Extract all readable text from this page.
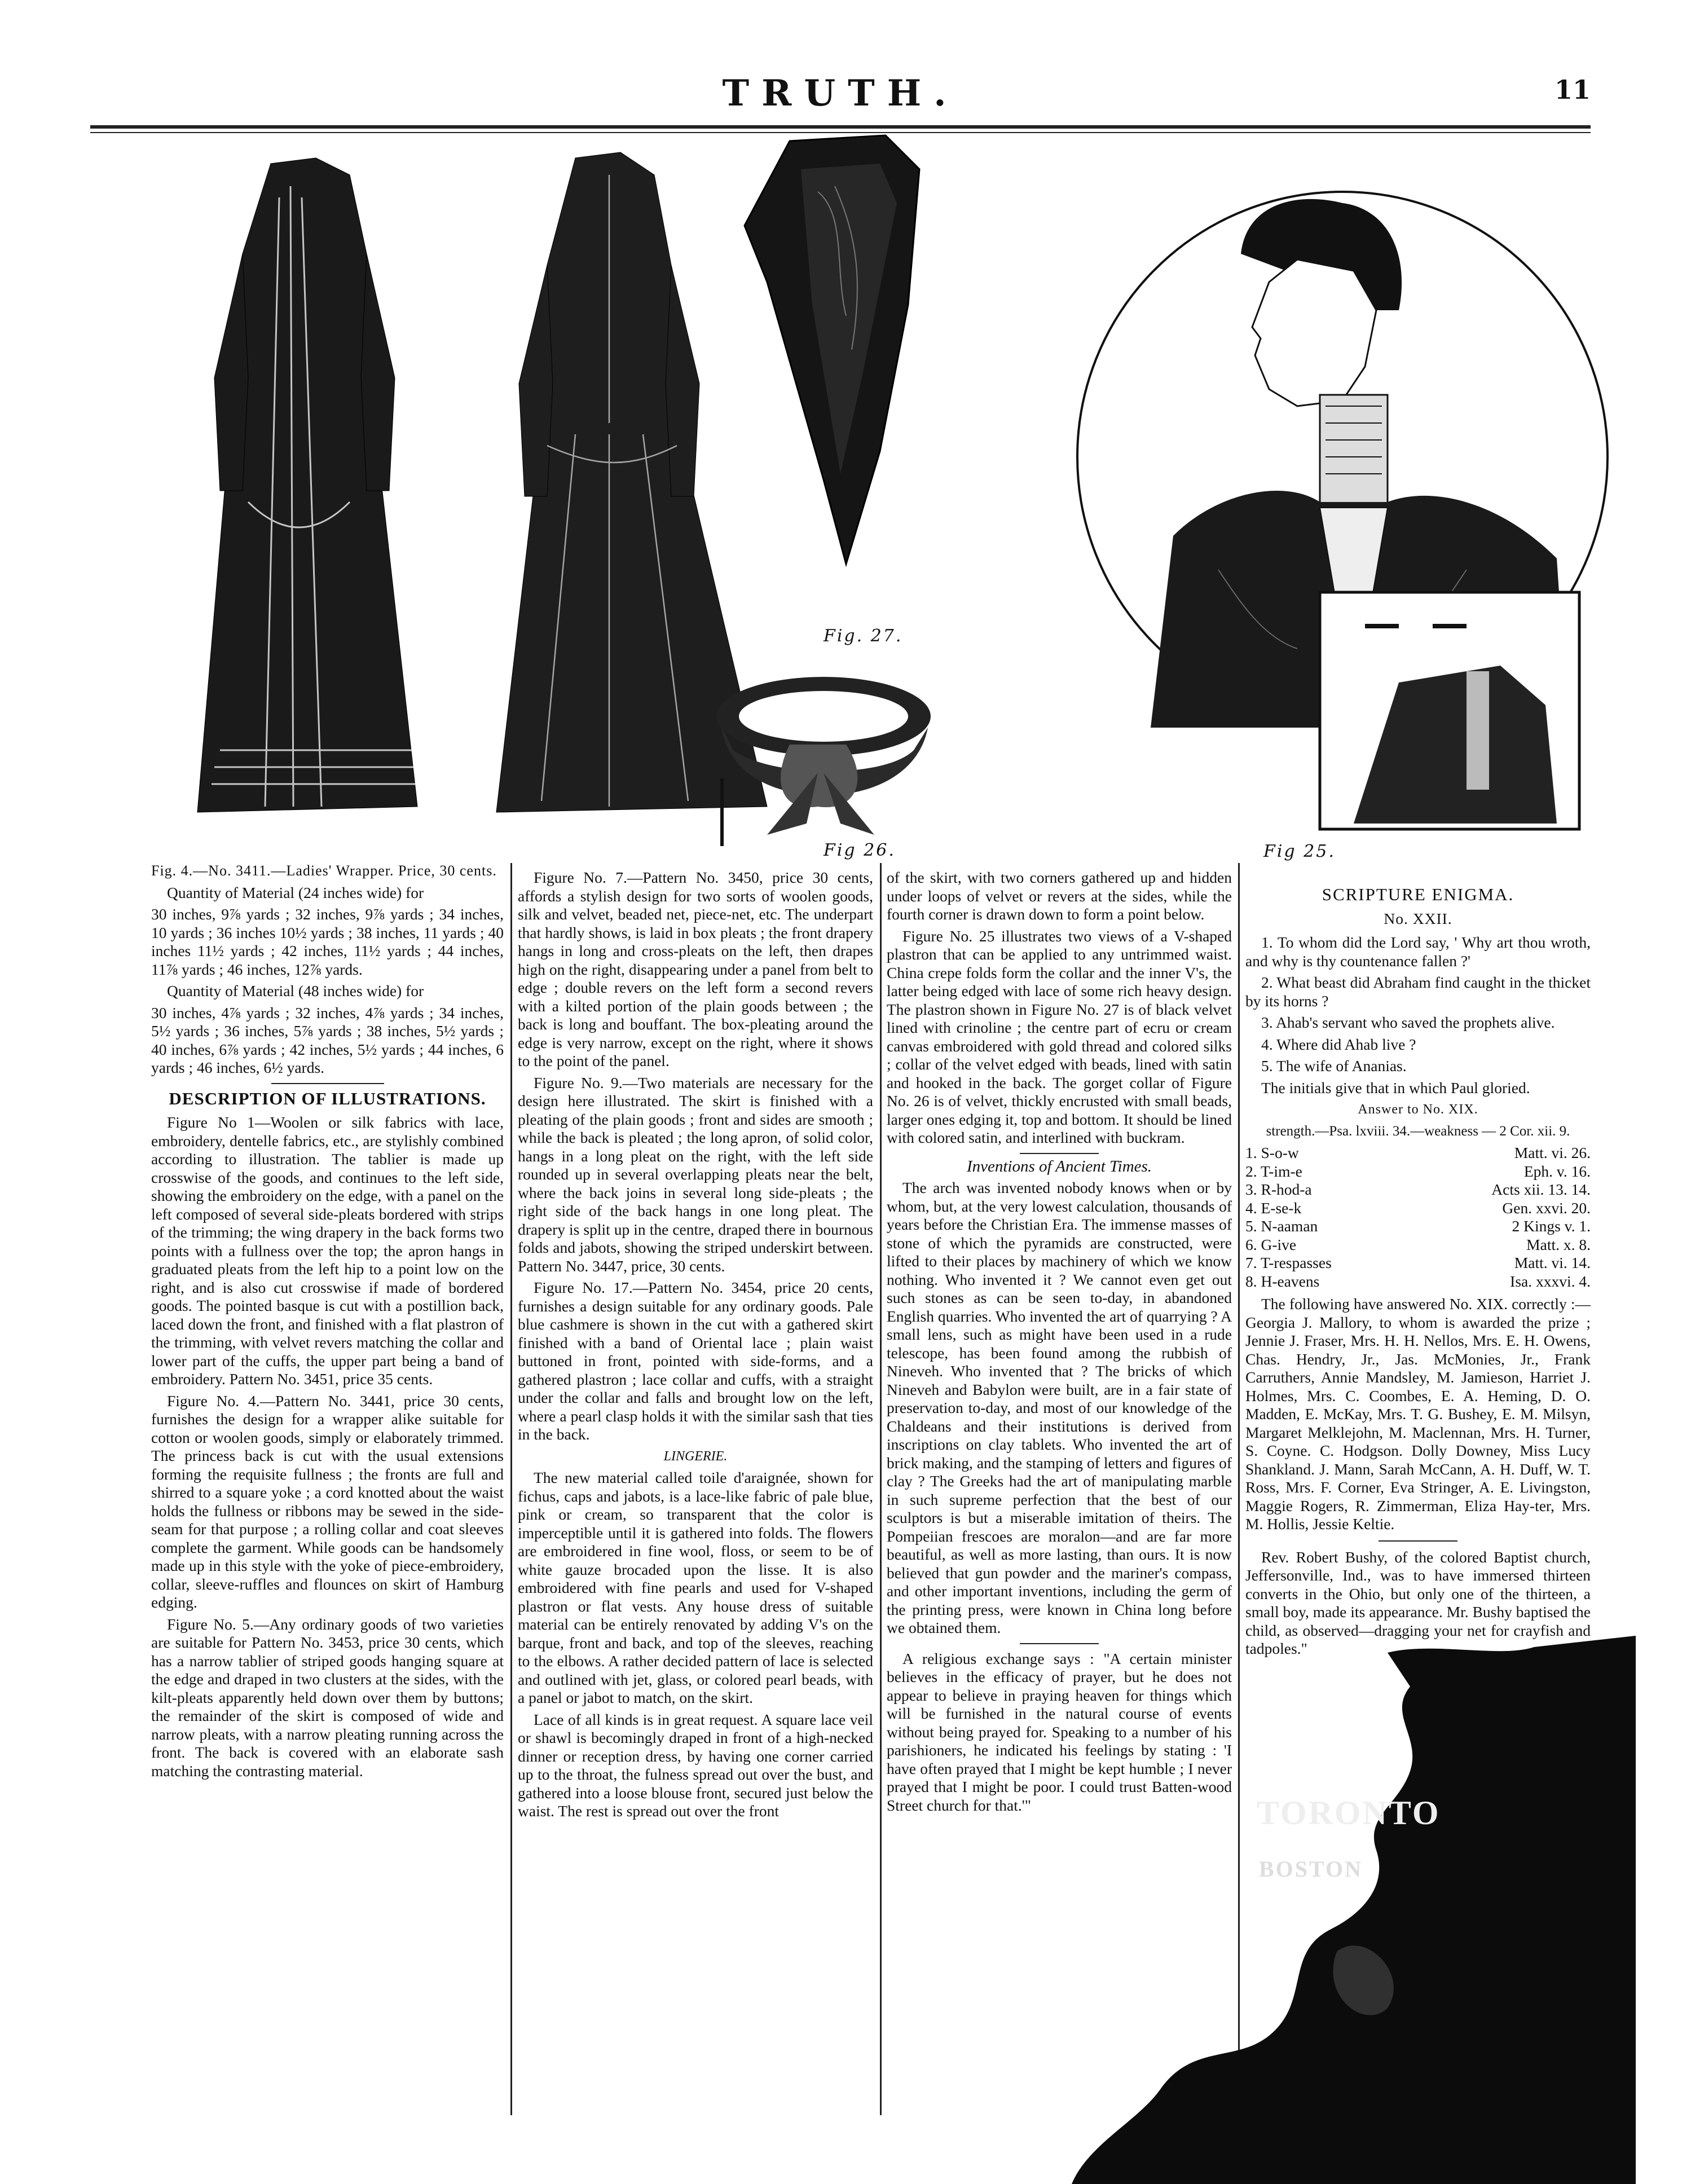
TRUTH.	11
Fig. 27.
Fig 26.	Fig 25.

Fig. 4.—No. 3411.—Ladies' Wrapper. Price, 30 cents.

Quantity of Material (24 inches wide) for

30 inches, 9⅞ yards ; 32 inches, 9⅞ yards ; 34 inches, 10 yards ; 36 inches 10½ yards ; 38 inches, 11 yards ; 40 inches 11½ yards ; 42 inches, 11½ yards ; 44 inches, 11⅞ yards ; 46 inches, 12⅞ yards.

Quantity of Material (48 inches wide) for

30 inches, 4⅞ yards ; 32 inches, 4⅞ yards ; 34 inches, 5½ yards ; 36 inches, 5⅞ yards ; 38 inches, 5½ yards ; 40 inches, 6⅞ yards ; 42 inches, 5½ yards ; 44 inches, 6 yards ; 46 inches, 6½ yards.

DESCRIPTION OF ILLUSTRATIONS.

Figure No 1—Woolen or silk fabrics with lace, embroidery, dentelle fabrics, etc., are stylishly combined according to illustration. The tablier is made up crosswise of the goods, and continues to the left side, showing the embroidery on the edge, with a panel on the left composed of several side-pleats bordered with strips of the trimming; the wing drapery in the back forms two points with a fullness over the top; the apron hangs in graduated pleats from the left hip to a point low on the right, and is also cut crosswise if made of bordered goods. The pointed basque is cut with a postillion back, laced down the front, and finished with a flat plastron of the trimming, with velvet revers matching the collar and lower part of the cuffs, the upper part being a band of embroidery. Pattern No. 3451, price 35 cents.

Figure No. 4.—Pattern No. 3441, price 30 cents, furnishes the design for a wrapper alike suitable for cotton or woolen goods, simply or elaborately trimmed. The princess back is cut with the usual extensions forming the requisite fullness ; the fronts are full and shirred to a square yoke ; a cord knotted about the waist holds the fullness or ribbons may be sewed in the side-seam for that purpose ; a rolling collar and coat sleeves complete the garment. While goods can be handsomely made up in this style with the yoke of piece-embroidery, collar, sleeve-ruffles and flounces on skirt of Hamburg edging.

Figure No. 5.—Any ordinary goods of two varieties are suitable for Pattern No. 3453, price 30 cents, which has a narrow tablier of striped goods hanging square at the edge and draped in two clusters at the sides, with the kilt-pleats apparently held down over them by buttons; the remainder of the skirt is composed of wide and narrow pleats, with a narrow pleating running across the front. The back is covered with an elaborate sash matching the contrasting material.

Figure No. 7.—Pattern No. 3450, price 30 cents, affords a stylish design for two sorts of woolen goods, silk and velvet, beaded net, piece-net, etc. The underpart that hardly shows, is laid in box pleats ; the front drapery hangs in long and cross-pleats on the left, then drapes high on the right, disappearing under a panel from belt to edge ; double revers on the left form a second revers with a kilted portion of the plain goods between ; the back is long and bouffant. The box-pleating around the edge is very narrow, except on the right, where it shows to the point of the panel.

Figure No. 9.—Two materials are necessary for the design here illustrated. The skirt is finished with a pleating of the plain goods ; front and sides are smooth ; while the back is pleated ; the long apron, of solid color, hangs in a long pleat on the right, with the left side rounded up in several overlapping pleats near the belt, where the back joins in several long side-pleats ; the right side of the back hangs in one long pleat. The drapery is split up in the centre, draped there in bournous folds and jabots, showing the striped underskirt between. Pattern No. 3447, price, 30 cents.

Figure No. 17.—Pattern No. 3454, price 20 cents, furnishes a design suitable for any ordinary goods. Pale blue cashmere is shown in the cut with a gathered skirt finished with a band of Oriental lace ; plain waist buttoned in front, pointed with side-forms, and a gathered plastron ; lace collar and cuffs, with a straight under the collar and falls and brought low on the left, where a pearl clasp holds it with the similar sash that ties in the back.

LINGERIE.

The new material called toile d'araignée, shown for fichus, caps and jabots, is a lace-like fabric of pale blue, pink or cream, so transparent that the color is imperceptible until it is gathered into folds. The flowers are embroidered in fine wool, floss, or seem to be of white gauze brocaded upon the lisse. It is also embroidered with fine pearls and used for V-shaped plastron or flat vests. Any house dress of suitable material can be entirely renovated by adding V's on the barque, front and back, and top of the sleeves, reaching to the elbows. A rather decided pattern of lace is selected and outlined with jet, glass, or colored pearl beads, with a panel or jabot to match, on the skirt.

Lace of all kinds is in great request. A square lace veil or shawl is becomingly draped in front of a high-necked dinner or reception dress, by having one corner carried up to the throat, the fulness spread out over the bust, and gathered into a loose blouse front, secured just below the waist. The rest is spread out over the front

of the skirt, with two corners gathered up and hidden under loops of velvet or revers at the sides, while the fourth corner is drawn down to form a point below.

Figure No. 25 illustrates two views of a V-shaped plastron that can be applied to any untrimmed waist. China crepe folds form the collar and the inner V's, the latter being edged with lace of some rich heavy design. The plastron shown in Figure No. 27 is of black velvet lined with crinoline ; the centre part of ecru or cream canvas embroidered with gold thread and colored silks ; collar of the velvet edged with beads, lined with satin and hooked in the back. The gorget collar of Figure No. 26 is of velvet, thickly encrusted with small beads, larger ones edging it, top and bottom. It should be lined with colored satin, and interlined with buckram.

Inventions of Ancient Times.

The arch was invented nobody knows when or by whom, but, at the very lowest calculation, thousands of years before the Christian Era. The immense masses of stone of which the pyramids are constructed, were lifted to their places by machinery of which we know nothing. Who invented it ? We cannot even get out such stones as can be seen to-day, in abandoned English quarries. Who invented the art of quarrying ? A small lens, such as might have been used in a rude telescope, has been found among the rubbish of Nineveh. Who invented that ? The bricks of which Nineveh and Babylon were built, are in a fair state of preservation to-day, and most of our knowledge of the Chaldeans and their institutions is derived from inscriptions on clay tablets. Who invented the art of brick making, and the stamping of letters and figures of clay ? The Greeks had the art of manipulating marble in such supreme perfection that the best of our sculptors is but a miserable imitation of theirs. The Pompeiian frescoes are moralon—and are far more beautiful, as well as more lasting, than ours. It is now believed that gun powder and the mariner's compass, and other important inventions, including the germ of the printing press, were known in China long before we obtained them.

A religious exchange says : "A certain minister believes in the efficacy of prayer, but he does not appear to believe in praying heaven for things which will be furnished in the natural course of events without being prayed for. Speaking to a number of his parishioners, he indicated his feelings by stating : 'I have often prayed that I might be kept humble ; I never prayed that I might be poor. I could trust Batten-wood Street church for that.'"

SCRIPTURE ENIGMA.

No. XXII.

1. To whom did the Lord say, ' Why art thou wroth, and why is thy countenance fallen ?'

2. What beast did Abraham find caught in the thicket by its horns ?

3. Ahab's servant who saved the prophets alive.

4. Where did Ahab live ?

5. The wife of Ananias.

The initials give that in which Paul gloried.

Answer to No. XIX.

strength.—Psa. lxviii. 34.—weakness — 2 Cor. xii. 9.

1. S-o-w	Matt. vi. 26.
2. T-im-e	Eph. v. 16.
3. R-hod-a	Acts xii. 13. 14.
4. E-se-k	Gen. xxvi. 20.
5. N-aaman	2 Kings v. 1.
6. G-ive	Matt. x. 8.
7. T-respasses	Matt. vi. 14.
8. H-eavens	Isa. xxxvi. 4.

The following have answered No. XIX. correctly :—Georgia J. Mallory, to whom is awarded the prize ; Jennie J. Fraser, Mrs. H. H. Nellos, Mrs. E. H. Owens, Chas. Hendry, Jr., Jas. McMonies, Jr., Frank Carruthers, Annie Mandsley, M. Jamieson, Harriet J. Holmes, Mrs. C. Coombes, E. A. Heming, D. O. Madden, E. McKay, Mrs. T. G. Bushey, E. M. Milsyn, Margaret Melklejohn, M. Maclennan, Mrs. H. Turner, S. Coyne. C. Hodgson. Dolly Downey, Miss Lucy Shankland. J. Mann, Sarah McCann, A. H. Duff, W. T. Ross, Mrs. F. Corner, Eva Stringer, A. E. Livingston, Maggie Rogers, R. Zimmerman, Eliza Hay-ter, Mrs. M. Hollis, Jessie Keltie.

Rev. Robert Bushy, of the colored Baptist church, Jeffersonville, Ind., was to have immersed thirteen converts in the Ohio, but only one of the thirteen, a small boy, made its appearance. Mr. Bushy baptised the child, as observed—dragging your net for crayfish and tadpoles."

TORONTO
BOSTON
